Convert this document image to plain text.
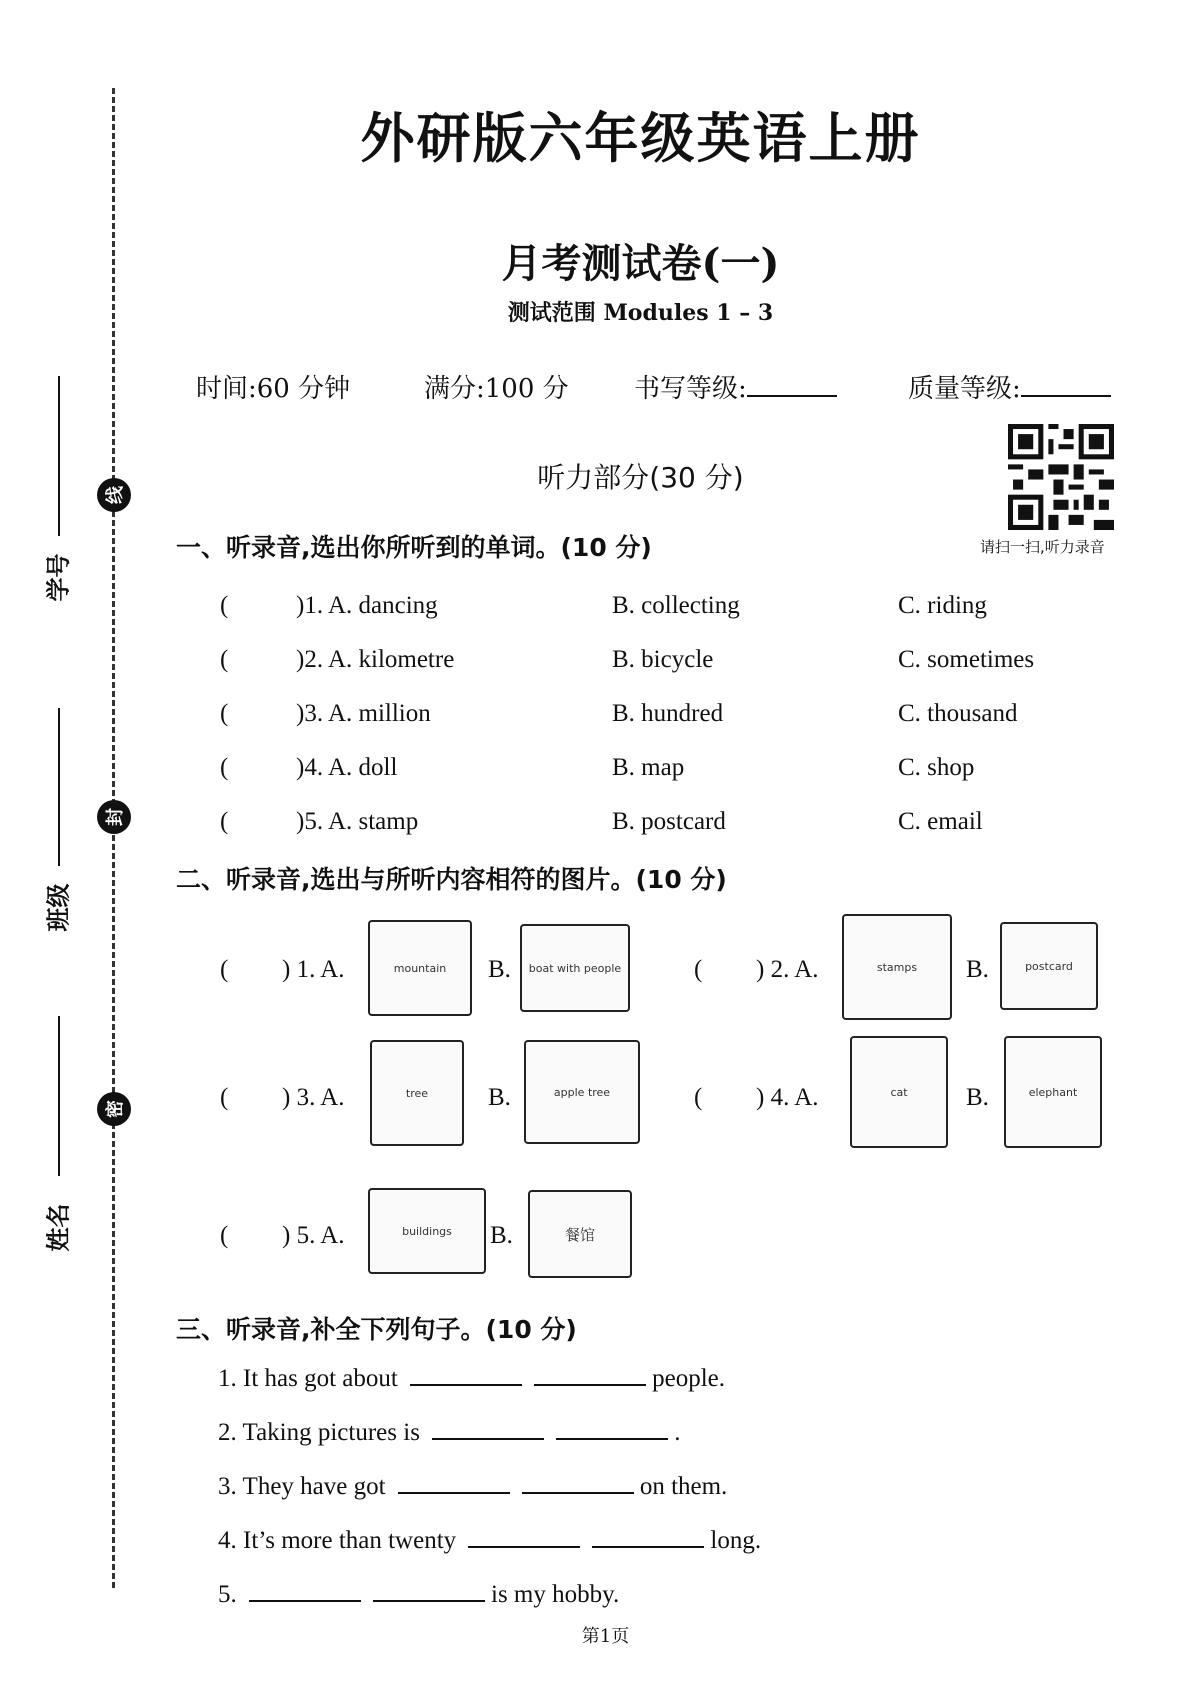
线
封
密
学号
班级
姓名
外研版六年级英语上册
月考测试卷(一)
测试范围 Modules 1 – 3
时间:60 分钟	满分:100 分	书写等级:	质量等级:
听力部分(30 分)
请扫一扫,听力录音
一、听录音,选出你所听到的单词。(10 分)
(	)1. A. dancing	B. collecting	C. riding
(	)2. A. kilometre	B. bicycle	C. sometimes
(	)3. A. million	B. hundred	C. thousand
(	)4. A. doll	B. map	C. shop
(	)5. A. stamp	B. postcard	C. email
二、听录音,选出与所听内容相符的图片。(10 分)
( ) 1. A.	mountain	B.	boat with people	( ) 2. A.	stamps	B.	postcard
( ) 3. A.	tree	B.	apple tree	( ) 4. A.	cat	B.	elephant
( ) 5. A.	buildings	B.	餐馆
三、听录音,补全下列句子。(10 分)
1. It has got about	people.
2. Taking pictures is	.
3. They have got	on them.
4. It’s more than twenty	long.
5.	is my hobby.
第1页
